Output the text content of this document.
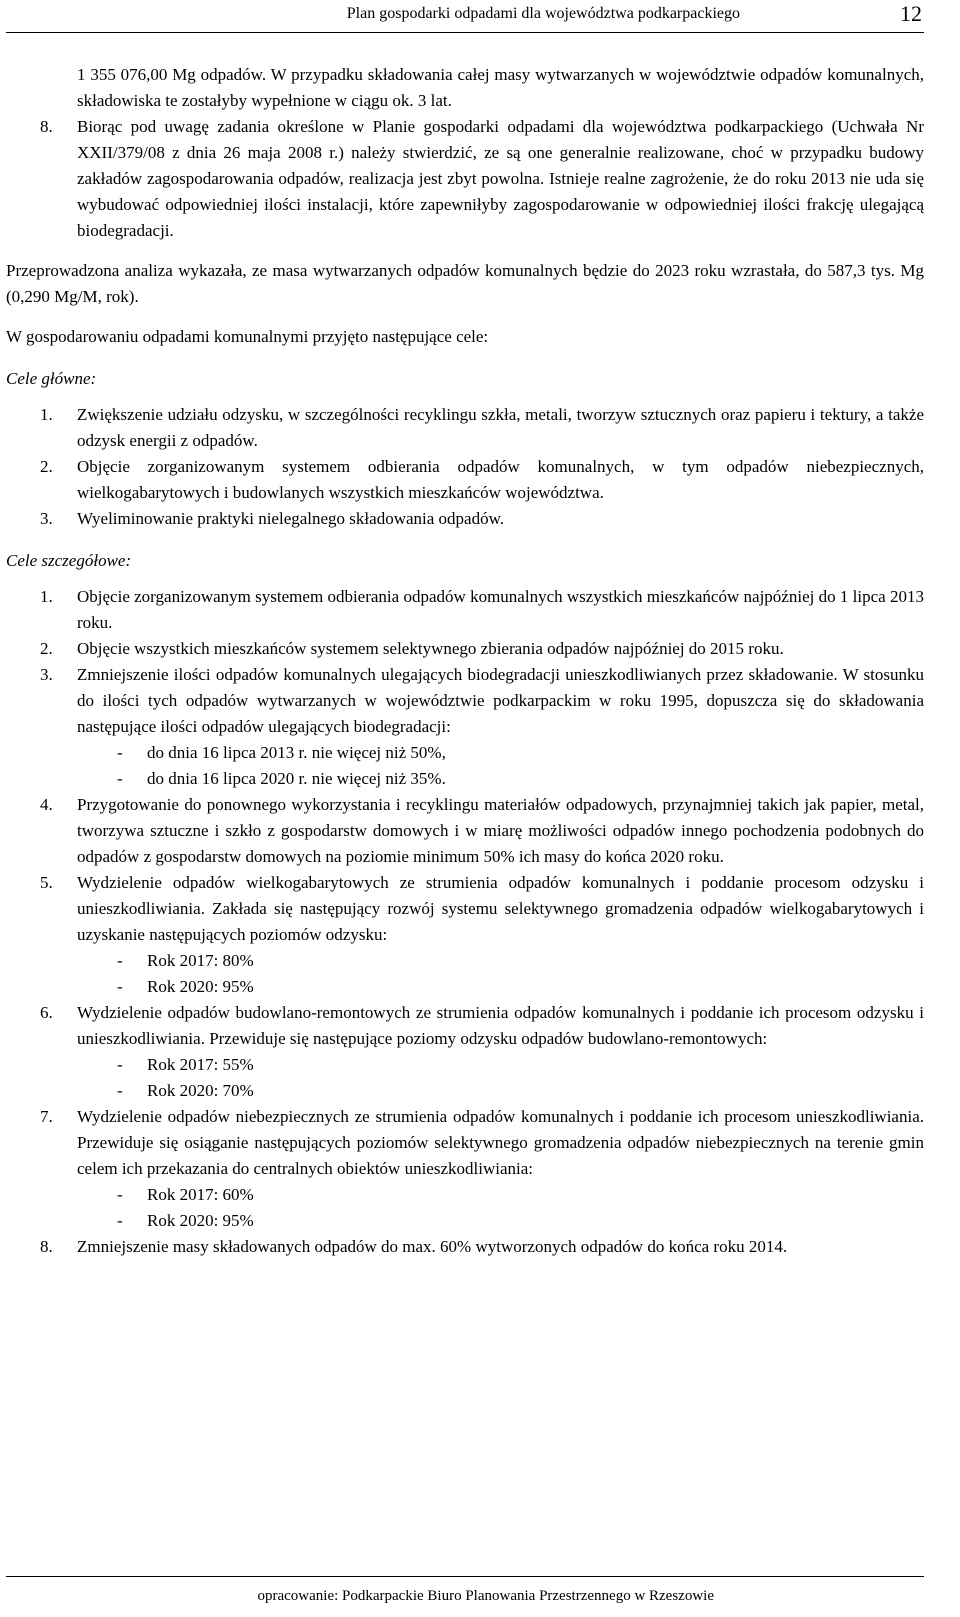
Plan gospodarki odpadami dla województwa podkarpackiego	12
1 355 076,00 Mg odpadów. W przypadku składowania całej masy wytwarzanych w województwie odpadów komunalnych, składowiska te zostałyby wypełnione w ciągu ok. 3 lat.
8. Biorąc pod uwagę zadania określone w Planie gospodarki odpadami dla województwa podkarpackiego (Uchwała Nr XXII/379/08 z dnia 26 maja 2008 r.) należy stwierdzić, ze są one generalnie realizowane, choć w przypadku budowy zakładów zagospodarowania odpadów, realizacja jest zbyt powolna. Istnieje realne zagrożenie, że do roku 2013 nie uda się wybudować odpowiedniej ilości instalacji, które zapewniłyby zagospodarowanie w odpowiedniej ilości frakcję ulegającą biodegradacji.

Przeprowadzona analiza wykazała, ze masa wytwarzanych odpadów komunalnych będzie do 2023 roku wzrastała, do 587,3 tys. Mg (0,290 Mg/M, rok).

W gospodarowaniu odpadami komunalnymi przyjęto następujące cele:

Cele główne:

1. Zwiększenie udziału odzysku, w szczególności recyklingu szkła, metali, tworzyw sztucznych oraz papieru i tektury, a także odzysk energii z odpadów.
2. Objęcie zorganizowanym systemem odbierania odpadów komunalnych, w tym odpadów niebezpiecznych, wielkogabarytowych i budowlanych wszystkich mieszkańców województwa.
3. Wyeliminowanie praktyki nielegalnego składowania odpadów.

Cele szczegółowe:

1. Objęcie zorganizowanym systemem odbierania odpadów komunalnych wszystkich mieszkańców najpóźniej do 1 lipca 2013 roku.
2. Objęcie wszystkich mieszkańców systemem selektywnego zbierania odpadów najpóźniej do 2015 roku.
3. Zmniejszenie ilości odpadów komunalnych ulegających biodegradacji unieszkodliwianych przez składowanie. W stosunku do ilości tych odpadów wytwarzanych w województwie podkarpackim w roku 1995, dopuszcza się do składowania następujące ilości odpadów ulegających biodegradacji:
- do dnia 16 lipca 2013 r. nie więcej niż 50%,
- do dnia 16 lipca 2020 r. nie więcej niż 35%.
4. Przygotowanie do ponownego wykorzystania i recyklingu materiałów odpadowych, przynajmniej takich jak papier, metal, tworzywa sztuczne i szkło z gospodarstw domowych i w miarę możliwości odpadów innego pochodzenia podobnych do odpadów z gospodarstw domowych na poziomie minimum 50% ich masy do końca 2020 roku.
5. Wydzielenie odpadów wielkogabarytowych ze strumienia odpadów komunalnych i poddanie procesom odzysku i unieszkodliwiania. Zakłada się następujący rozwój systemu selektywnego gromadzenia odpadów wielkogabarytowych i uzyskanie następujących poziomów odzysku:
- Rok 2017: 80%
- Rok 2020: 95%
6. Wydzielenie odpadów budowlano-remontowych ze strumienia odpadów komunalnych i poddanie ich procesom odzysku i unieszkodliwiania. Przewiduje się następujące poziomy odzysku odpadów budowlano-remontowych:
- Rok 2017: 55%
- Rok 2020: 70%
7. Wydzielenie odpadów niebezpiecznych ze strumienia odpadów komunalnych i poddanie ich procesom unieszkodliwiania. Przewiduje się osiąganie następujących poziomów selektywnego gromadzenia odpadów niebezpiecznych na terenie gmin celem ich przekazania do centralnych obiektów unieszkodliwiania:
- Rok 2017: 60%
- Rok 2020: 95%
8. Zmniejszenie masy składowanych odpadów do max. 60% wytworzonych odpadów do końca roku 2014.
opracowanie: Podkarpackie Biuro Planowania Przestrzennego w Rzeszowie
